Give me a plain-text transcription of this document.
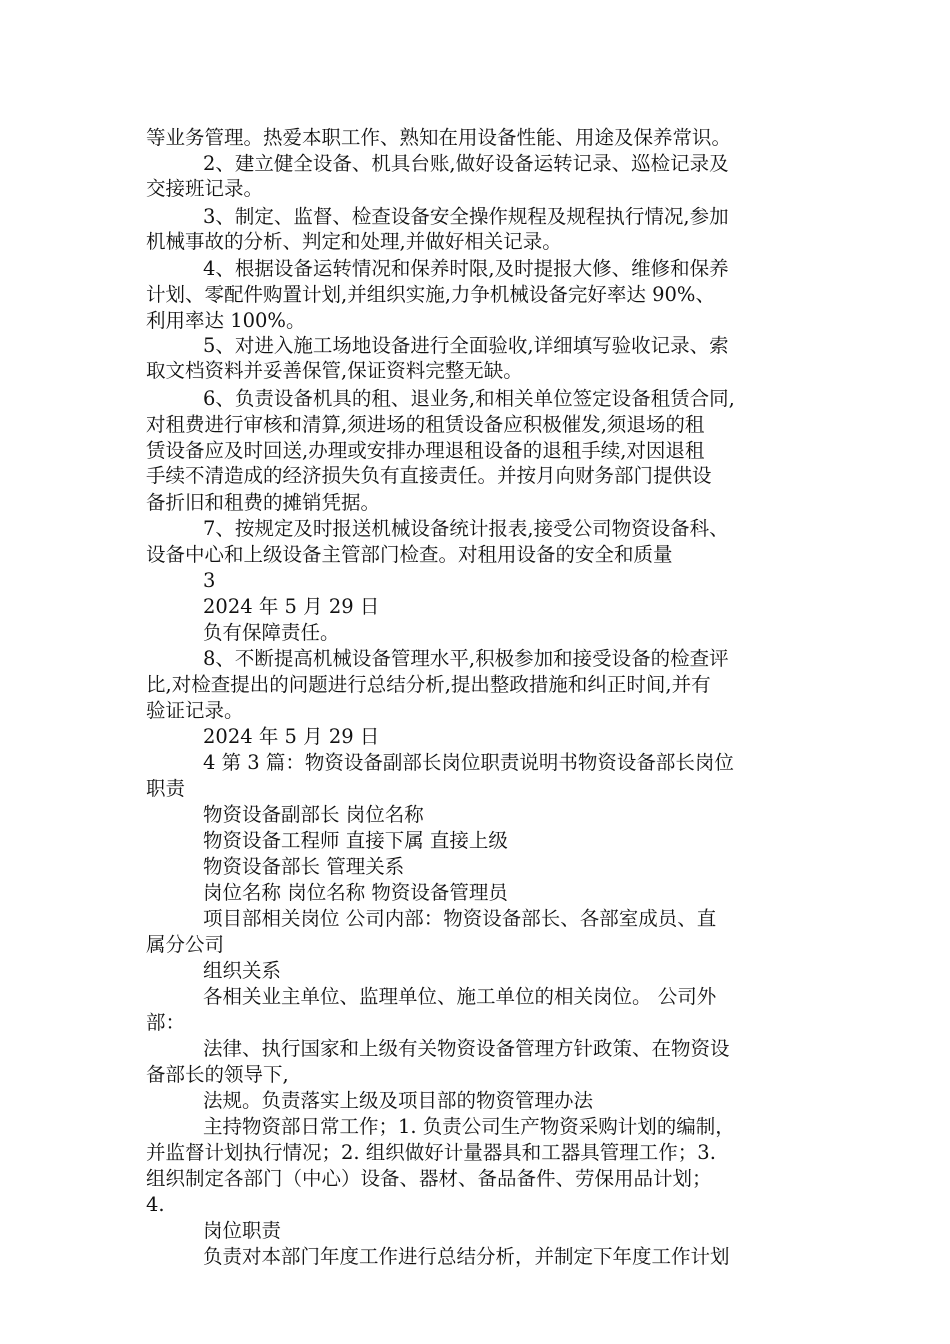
等业务管理。热爱本职工作、熟知在用设备性能、用途及保养常识。
2、建立健全设备、机具台账,做好设备运转记录、巡检记录及
交接班记录。
3、制定、监督、检查设备安全操作规程及规程执行情况,参加
机械事故的分析、判定和处理,并做好相关记录。
4、根据设备运转情况和保养时限,及时提报大修、维修和保养
计划、零配件购置计划,并组织实施,力争机械设备完好率达 90%、
利用率达 100%。
5、对进入施工场地设备进行全面验收,详细填写验收记录、索
取文档资料并妥善保管,保证资料完整无缺。
6、负责设备机具的租、退业务,和相关单位签定设备租赁合同,
对租费进行审核和清算,须进场的租赁设备应积极催发,须退场的租
赁设备应及时回送,办理或安排办理退租设备的退租手续,对因退租
手续不清造成的经济损失负有直接责任。并按月向财务部门提供设
备折旧和租费的摊销凭据。
7、按规定及时报送机械设备统计报表,接受公司物资设备科、
设备中心和上级设备主管部门检查。对租用设备的安全和质量
3
2024 年 5 月 29 日
负有保障责任。
8、不断提高机械设备管理水平,积极参加和接受设备的检查评
比,对检查提出的问题进行总结分析,提出整政措施和纠正时间,并有
验证记录。
2024 年 5 月 29 日
4 第 3 篇：物资设备副部长岗位职责说明书物资设备部长岗位
职责
物资设备副部长 岗位名称
物资设备工程师 直接下属 直接上级
物资设备部长 管理关系
岗位名称 岗位名称 物资设备管理员
项目部相关岗位 公司内部：物资设备部长、各部室成员、直
属分公司
组织关系
各相关业主单位、监理单位、施工单位的相关岗位。 公司外
部：
法律、执行国家和上级有关物资设备管理方针政策、在物资设
备部长的领导下,
法规。负责落实上级及项目部的物资管理办法
主持物资部日常工作；1. 负责公司生产物资采购计划的编制，
并监督计划执行情况；2. 组织做好计量器具和工器具管理工作；3.
组织制定各部门（中心）设备、器材、备品备件、劳保用品计划；
4.
岗位职责
负责对本部门年度工作进行总结分析，并制定下年度工作计划
